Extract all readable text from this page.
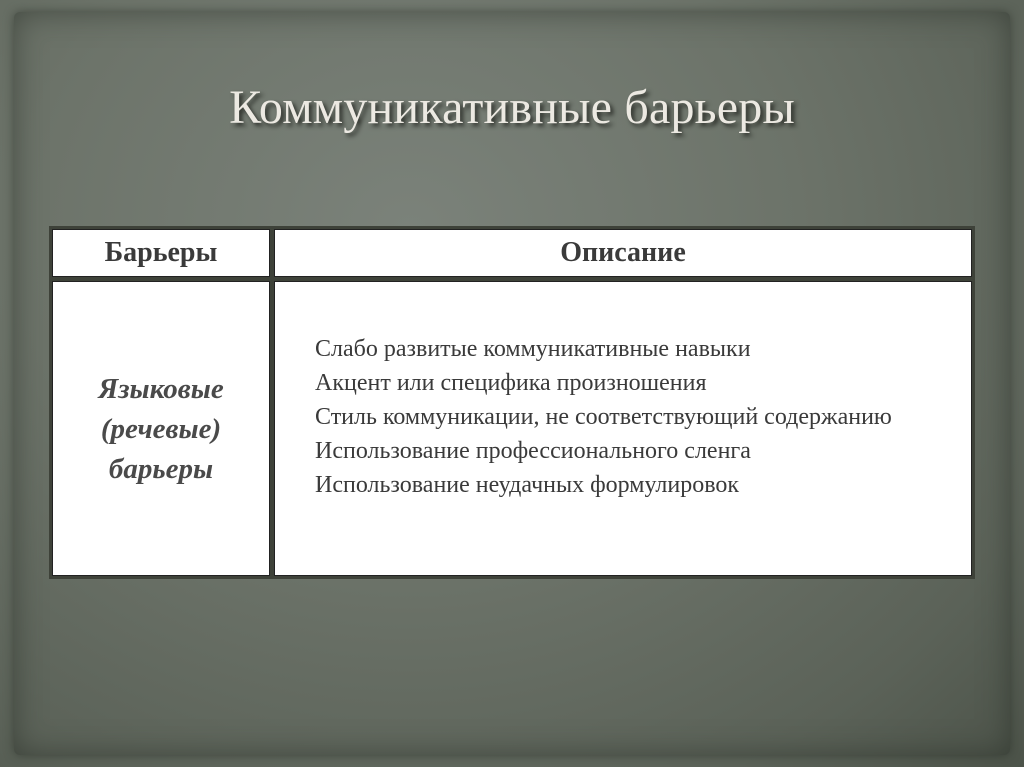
Коммуникативные барьеры
Барьеры	Описание
Языковые (речевые) барьеры
Слабо развитые коммуникативные навыки
Акцент или специфика произношения
Стиль коммуникации, не соответствующий содержанию
Использование профессионального сленга
Использование неудачных формулировок
